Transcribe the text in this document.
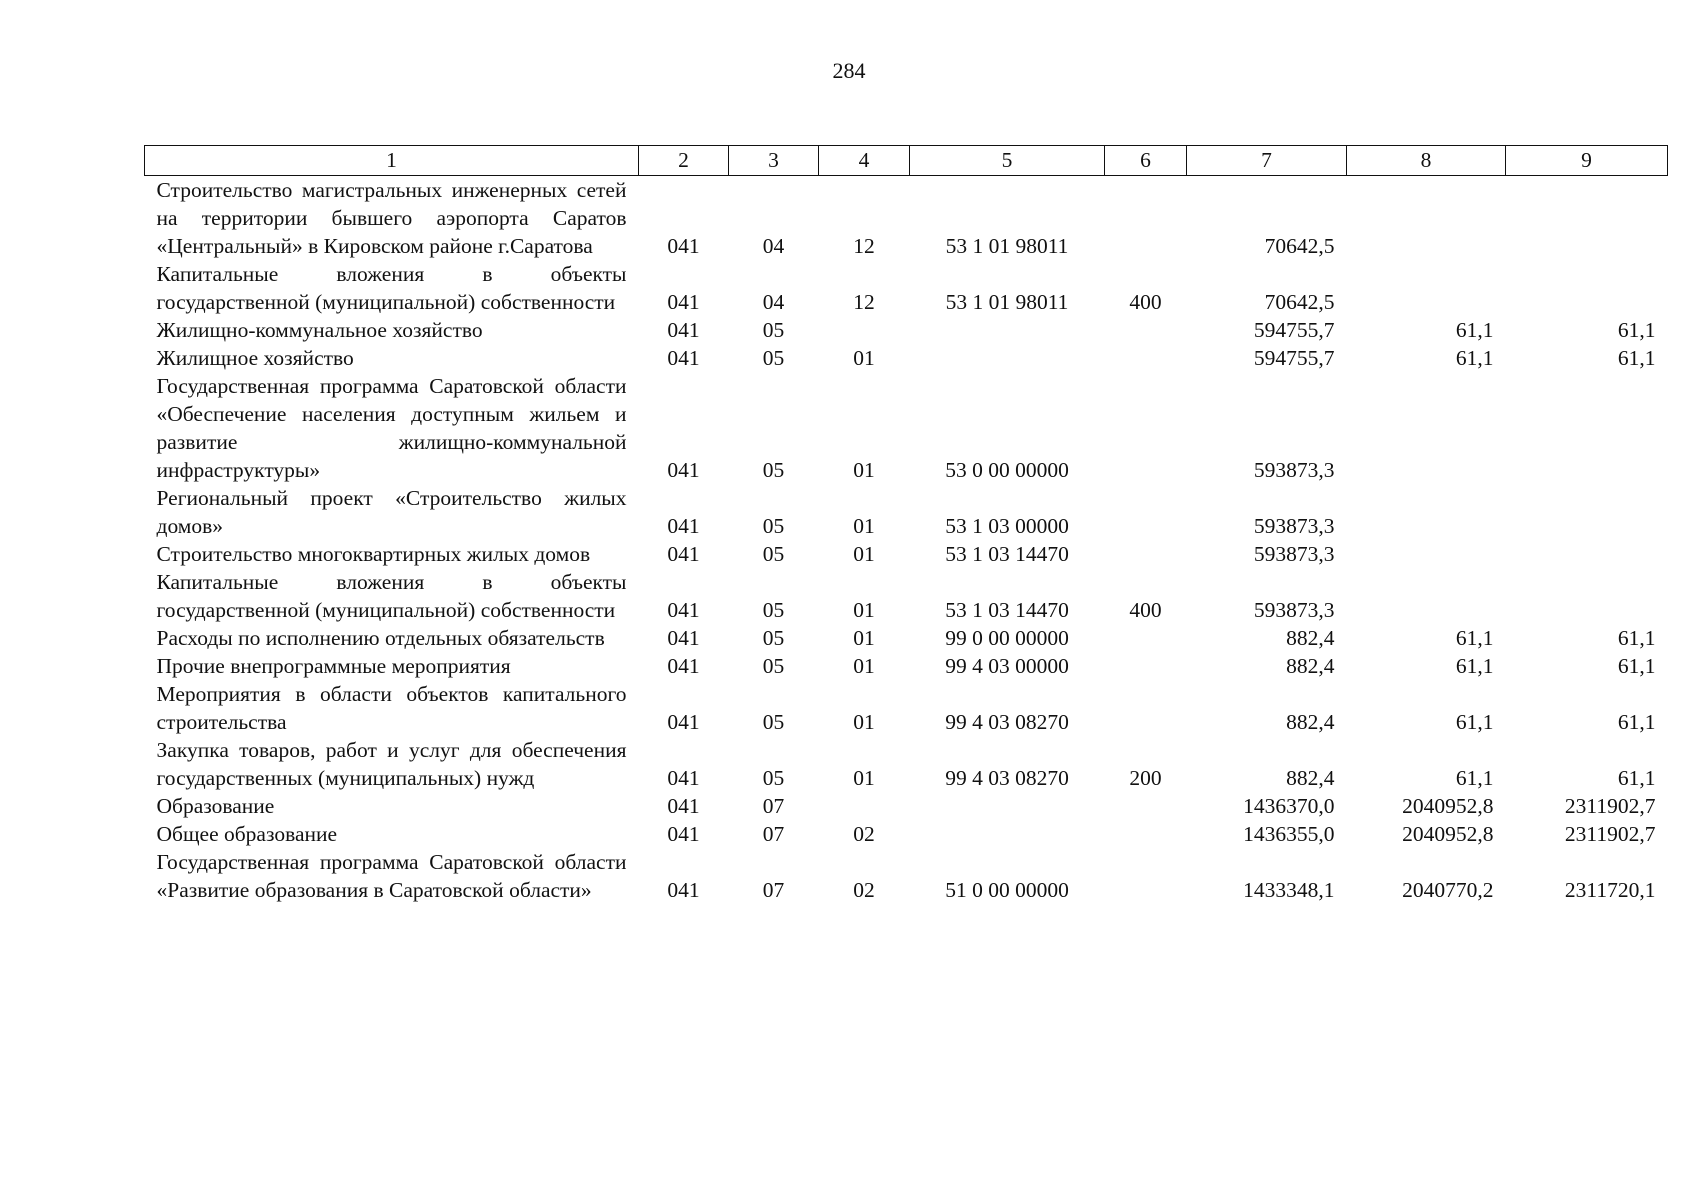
284
1	2	3	4	5	6	7	8	9
Строительство магистральных инженерных сетей на территории бывшего аэропорта Саратов «Центральный» в Кировском районе г.Саратова	041	04	12	53 1 01 98011		70642,5		
Капитальные вложения в объекты государственной (муниципальной) собственности	041	04	12	53 1 01 98011	400	70642,5		
Жилищно-коммунальное хозяйство	041	05				594755,7	61,1	61,1
Жилищное хозяйство	041	05	01			594755,7	61,1	61,1
Государственная программа Саратовской области «Обеспечение населения доступным жильем и развитие жилищно-коммунальной инфраструктуры»	041	05	01	53 0 00 00000		593873,3		
Региональный проект «Строительство жилых домов»	041	05	01	53 1 03 00000		593873,3		
Строительство многоквартирных жилых домов	041	05	01	53 1 03 14470		593873,3		
Капитальные вложения в объекты государственной (муниципальной) собственности	041	05	01	53 1 03 14470	400	593873,3		
Расходы по исполнению отдельных обязательств	041	05	01	99 0 00 00000		882,4	61,1	61,1
Прочие внепрограммные мероприятия	041	05	01	99 4 03 00000		882,4	61,1	61,1
Мероприятия в области объектов капитального строительства	041	05	01	99 4 03 08270		882,4	61,1	61,1
Закупка товаров, работ и услуг для обеспечения государственных (муниципальных) нужд	041	05	01	99 4 03 08270	200	882,4	61,1	61,1
Образование	041	07				1436370,0	2040952,8	2311902,7
Общее образование	041	07	02			1436355,0	2040952,8	2311902,7
Государственная программа Саратовской области «Развитие образования в Саратовской области»	041	07	02	51 0 00 00000		1433348,1	2040770,2	2311720,1
